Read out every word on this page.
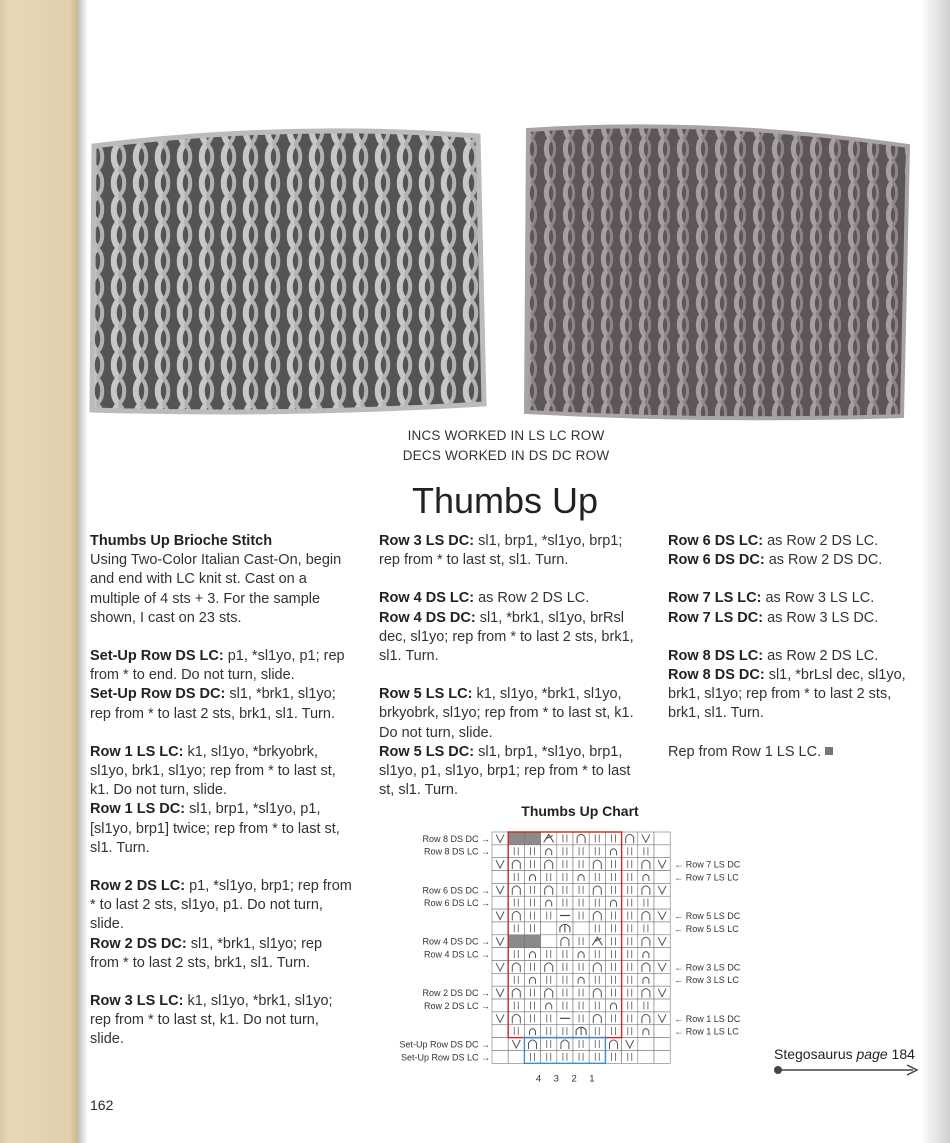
INCS WORKED IN LS LC ROW
DECS WORKED IN DS DC ROW
Thumbs Up

Thumbs Up Brioche Stitch
Using Two-Color Italian Cast-On, begin and end with LC knit st. Cast on a multiple of 4 sts + 3. For the sample shown, I cast on 23 sts.

Set-Up Row DS LC: p1, *sl1yo, p1; rep from * to end. Do not turn, slide.
Set-Up Row DS DC: sl1, *brk1, sl1yo; rep from * to last 2 sts, brk1, sl1. Turn.

Row 1 LS LC: k1, sl1yo, *brkyobrk, sl1yo, brk1, sl1yo; rep from * to last st, k1. Do not turn, slide.
Row 1 LS DC: sl1, brp1, *sl1yo, p1, [sl1yo, brp1] twice; rep from * to last st, sl1. Turn.

Row 2 DS LC: p1, *sl1yo, brp1; rep from * to last 2 sts, sl1yo, p1. Do not turn, slide.
Row 2 DS DC: sl1, *brk1, sl1yo; rep from * to last 2 sts, brk1, sl1. Turn.

Row 3 LS LC: k1, sl1yo, *brk1, sl1yo; rep from * to last st, k1. Do not turn, slide.

Row 3 LS DC: sl1, brp1, *sl1yo, brp1; rep from * to last st, sl1. Turn.

Row 4 DS LC: as Row 2 DS LC.
Row 4 DS DC: sl1, *brk1, sl1yo, brRsl dec, sl1yo; rep from * to last 2 sts, brk1, sl1. Turn.

Row 5 LS LC: k1, sl1yo, *brk1, sl1yo, brkyobrk, sl1yo; rep from * to last st, k1. Do not turn, slide.
Row 5 LS DC: sl1, brp1, *sl1yo, brp1, sl1yo, p1, sl1yo, brp1; rep from * to last st, sl1. Turn.

Row 6 DS LC: as Row 2 DS LC.
Row 6 DS DC: as Row 2 DS DC.

Row 7 LS LC: as Row 3 LS LC.
Row 7 LS DC: as Row 3 LS DC.

Row 8 DS LC: as Row 2 DS LC.
Row 8 DS DC: sl1, *brLsl dec, sl1yo, brk1, sl1yo; rep from * to last 2 sts, brk1, sl1. Turn.

Rep from Row 1 LS LC.

Thumbs Up Chart
Row 8 DS DC →
Row 8 DS LC →
Row 6 DS DC →
Row 6 DS LC →
Row 4 DS DC →
Row 4 DS LC →
Row 2 DS DC →
Row 2 DS LC →
Set-Up Row DS DC →
Set-Up Row DS LC →
← Row 7 LS DC
← Row 7 LS LC
← Row 5 LS DC
← Row 5 LS LC
← Row 3 LS DC
← Row 3 LS LC
← Row 1 LS DC
← Row 1 LS LC
4 3 2 1
162
Stegosaurus page 184
